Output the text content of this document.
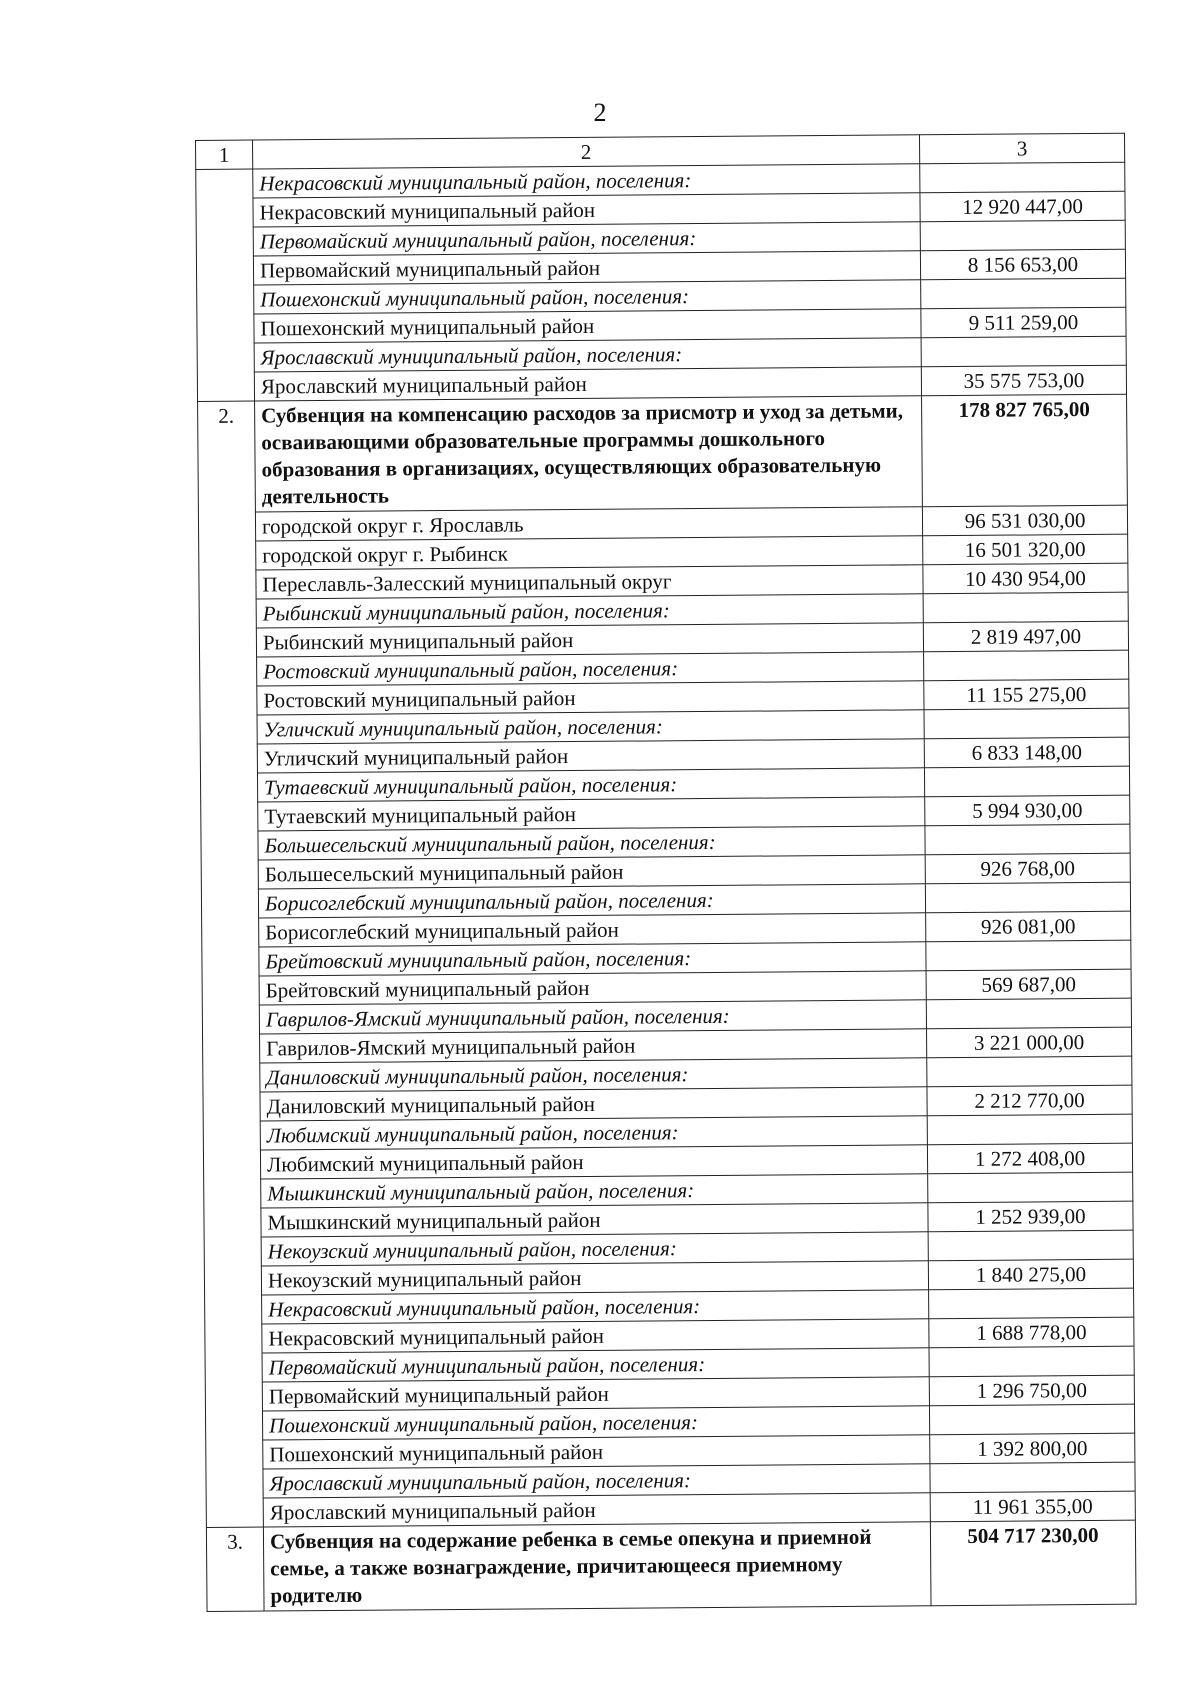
2
1	2	3
	Некрасовский муниципальный район, поселения:	
	Некрасовский муниципальный район	12 920 447,00
	Первомайский муниципальный район, поселения:	
	Первомайский муниципальный район	8 156 653,00
	Пошехонский муниципальный район, поселения:	
	Пошехонский муниципальный район	9 511 259,00
	Ярославский муниципальный район, поселения:	
	Ярославский муниципальный район	35 575 753,00
2.	Субвенция на компенсацию расходов за присмотр и уход за детьми, осваивающими образовательные программы дошкольного образования в организациях, осуществляющих образовательную деятельность	178 827 765,00
	городской округ г. Ярославль	96 531 030,00
	городской округ г. Рыбинск	16 501 320,00
	Переславль-Залесский муниципальный округ	10 430 954,00
	Рыбинский муниципальный район, поселения:	
	Рыбинский муниципальный район	2 819 497,00
	Ростовский муниципальный район, поселения:	
	Ростовский муниципальный район	11 155 275,00
	Угличский муниципальный район, поселения:	
	Угличский муниципальный район	6 833 148,00
	Тутаевский муниципальный район, поселения:	
	Тутаевский муниципальный район	5 994 930,00
	Большесельский муниципальный район, поселения:	
	Большесельский муниципальный район	926 768,00
	Борисоглебский муниципальный район, поселения:	
	Борисоглебский муниципальный район	926 081,00
	Брейтовский муниципальный район, поселения:	
	Брейтовский муниципальный район	569 687,00
	Гаврилов-Ямский муниципальный район, поселения:	
	Гаврилов-Ямский муниципальный район	3 221 000,00
	Даниловский муниципальный район, поселения:	
	Даниловский муниципальный район	2 212 770,00
	Любимский муниципальный район, поселения:	
	Любимский муниципальный район	1 272 408,00
	Мышкинский муниципальный район, поселения:	
	Мышкинский муниципальный район	1 252 939,00
	Некоузский муниципальный район, поселения:	
	Некоузский муниципальный район	1 840 275,00
	Некрасовский муниципальный район, поселения:	
	Некрасовский муниципальный район	1 688 778,00
	Первомайский муниципальный район, поселения:	
	Первомайский муниципальный район	1 296 750,00
	Пошехонский муниципальный район, поселения:	
	Пошехонский муниципальный район	1 392 800,00
	Ярославский муниципальный район, поселения:	
	Ярославский муниципальный район	11 961 355,00
3.	Субвенция на содержание ребенка в семье опекуна и приемной семье, а также вознаграждение, причитающееся приемному родителю	504 717 230,00
